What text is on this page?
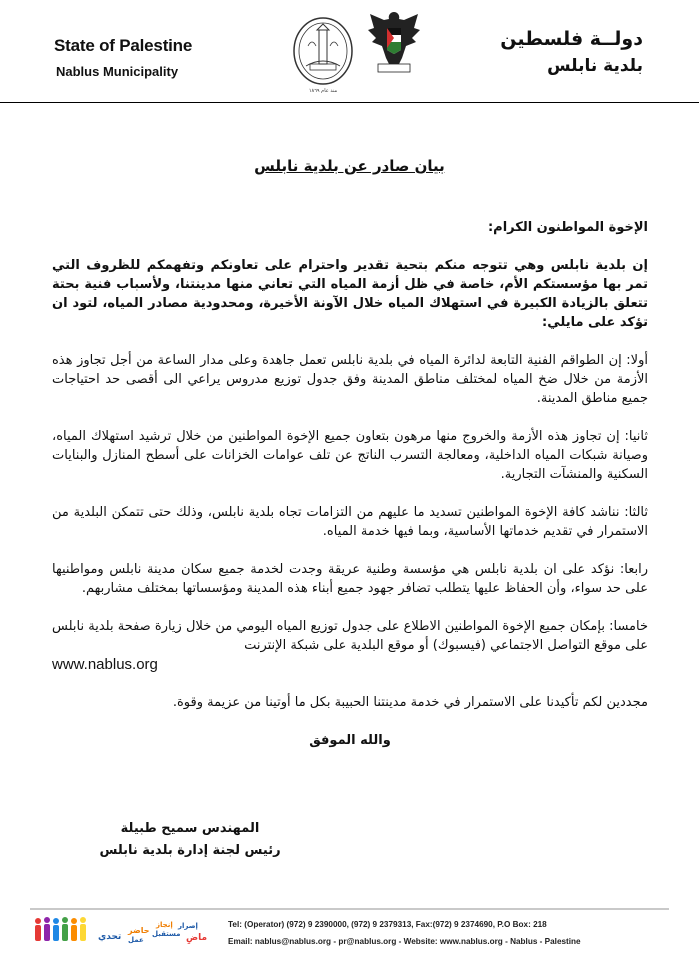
State of Palestine
Nablus Municipality
منذ عام ١٨٦٩
دولــة فلسطين
بلدية نابلس
بيان صادر عن بلدية نابلس

الإخوة المواطنون الكرام:

إن بلدية نابلس وهي تتوجه منكم بتحية تقدير واحترام على تعاونكم وتفهمكم للظروف التي تمر بها مؤسستكم الأم، خاصة في ظل أزمة المياه التي تعاني منها مدينتنا، ولأسباب فنية بحتة تتعلق بالزيادة الكبيرة في استهلاك المياه خلال الآونة الأخيرة، ومحدودية مصادر المياه، لتود ان تؤكد على مايلي:

أولا: إن الطواقم الفنية التابعة لدائرة المياه في بلدية نابلس تعمل جاهدة وعلى مدار الساعة من أجل تجاوز هذه الأزمة من خلال ضخ المياه لمختلف مناطق المدينة وفق جدول توزيع مدروس يراعي الى أقصى حد احتياجات جميع مناطق المدينة.

ثانيا: إن تجاوز هذه الأزمة والخروج منها مرهون بتعاون جميع الإخوة المواطنين من خلال ترشيد استهلاك المياه، وصيانة شبكات المياه الداخلية، ومعالجة التسرب الناتج عن تلف عوامات الخزانات على أسطح المنازل والبنايات السكنية والمنشآت التجارية.

ثالثا: نناشد كافة الإخوة المواطنين تسديد ما عليهم من التزامات تجاه بلدية نابلس، وذلك حتى تتمكن البلدية من الاستمرار في تقديم خدماتها الأساسية، وبما فيها خدمة المياه.

رابعا: نؤكد على ان بلدية نابلس هي مؤسسة وطنية عريقة وجدت لخدمة جميع سكان مدينة نابلس ومواطنيها على حد سواء، وأن الحفاظ عليها يتطلب تضافر جهود جميع أبناء هذه المدينة ومؤسساتها بمختلف مشاربهم.

خامسا: بإمكان جميع الإخوة المواطنين الاطلاع على جدول توزيع المياه اليومي من خلال زيارة صفحة بلدية نابلس على موقع التواصل الاجتماعي (فيسبوك) أو موقع البلدية على شبكة الإنترنت
www.nablus.org

مجددين لكم تأكيدنا على الاستمرار في خدمة مدينتنا الحبيبة بكل ما أوتينا من عزيمة وقوة.

والله الموفق

المهندس سميح طبيلة
رئيس لجنة إدارة بلدية نابلس
تحدي
حاضر
عمل
إنجاز
مستقبل
إصرار
ماضٍ
Tel: (Operator) (972) 9 2390000, (972) 9 2379313, Fax:(972) 9 2374690, P.O Box: 218
Email: nablus@nablus.org - pr@nablus.org - Website: www.nablus.org - Nablus - Palestine
